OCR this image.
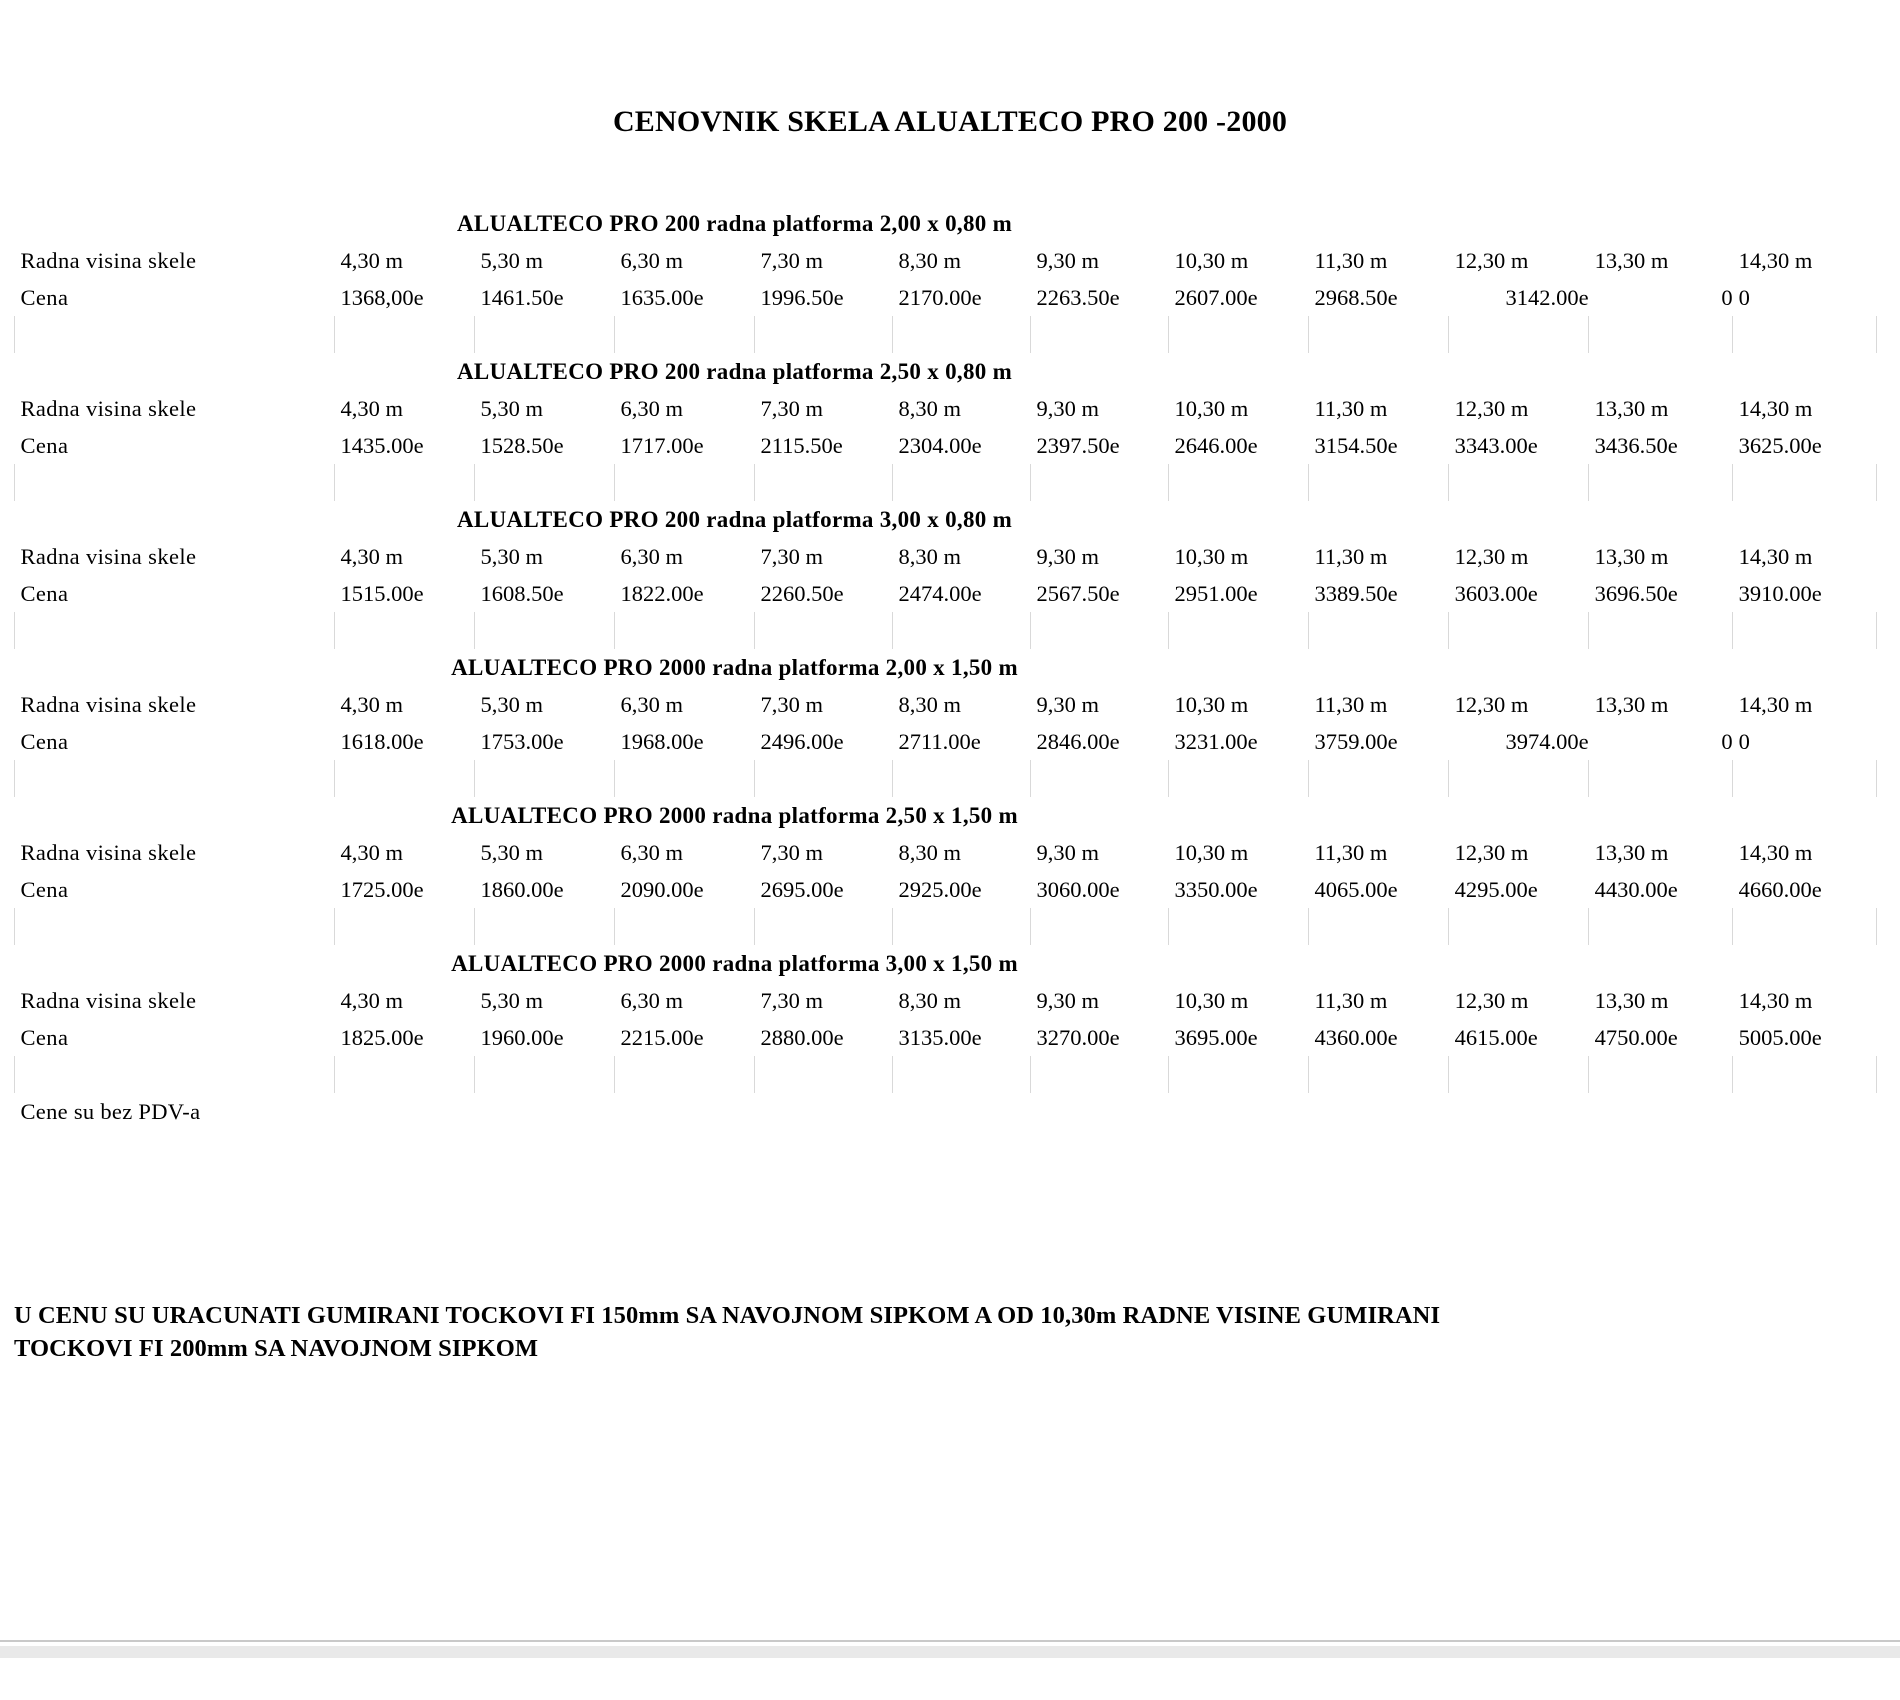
CENOVNIK SKELA ALUALTECO PRO 200 -2000
ALUALTECO PRO 200 radna platforma 2,00 x 0,80 m											
Radna visina skele	4,30 m	5,30 m	6,30 m	7,30 m	8,30 m	9,30 m	10,30 m	11,30 m	12,30 m	13,30 m	14,30 m
Cena	1368,00e	1461.50e	1635.00e	1996.50e	2170.00e	2263.50e	2607.00e	2968.50e	3142.00e	0	0

ALUALTECO PRO 200 radna platforma 2,50 x 0,80 m											
Radna visina skele	4,30 m	5,30 m	6,30 m	7,30 m	8,30 m	9,30 m	10,30 m	11,30 m	12,30 m	13,30 m	14,30 m
Cena	1435.00e	1528.50e	1717.00e	2115.50e	2304.00e	2397.50e	2646.00e	3154.50e	3343.00e	3436.50e	3625.00e

ALUALTECO PRO 200 radna platforma 3,00 x 0,80 m											
Radna visina skele	4,30 m	5,30 m	6,30 m	7,30 m	8,30 m	9,30 m	10,30 m	11,30 m	12,30 m	13,30 m	14,30 m
Cena	1515.00e	1608.50e	1822.00e	2260.50e	2474.00e	2567.50e	2951.00e	3389.50e	3603.00e	3696.50e	3910.00e

ALUALTECO PRO 2000 radna platforma 2,00 x 1,50 m											
Radna visina skele	4,30 m	5,30 m	6,30 m	7,30 m	8,30 m	9,30 m	10,30 m	11,30 m	12,30 m	13,30 m	14,30 m
Cena	1618.00e	1753.00e	1968.00e	2496.00e	2711.00e	2846.00e	3231.00e	3759.00e	3974.00e	0	0

ALUALTECO PRO 2000 radna platforma 2,50 x 1,50 m											
Radna visina skele	4,30 m	5,30 m	6,30 m	7,30 m	8,30 m	9,30 m	10,30 m	11,30 m	12,30 m	13,30 m	14,30 m
Cena	1725.00e	1860.00e	2090.00e	2695.00e	2925.00e	3060.00e	3350.00e	4065.00e	4295.00e	4430.00e	4660.00e

ALUALTECO PRO 2000 radna platforma 3,00 x 1,50 m											
Radna visina skele	4,30 m	5,30 m	6,30 m	7,30 m	8,30 m	9,30 m	10,30 m	11,30 m	12,30 m	13,30 m	14,30 m
Cena	1825.00e	1960.00e	2215.00e	2880.00e	3135.00e	3270.00e	3695.00e	4360.00e	4615.00e	4750.00e	5005.00e

Cene su bez PDV-a											
U CENU SU URACUNATI GUMIRANI TOCKOVI FI 150mm SA NAVOJNOM SIPKOM A OD 10,30m RADNE VISINE GUMIRANI
TOCKOVI FI 200mm SA NAVOJNOM SIPKOM
